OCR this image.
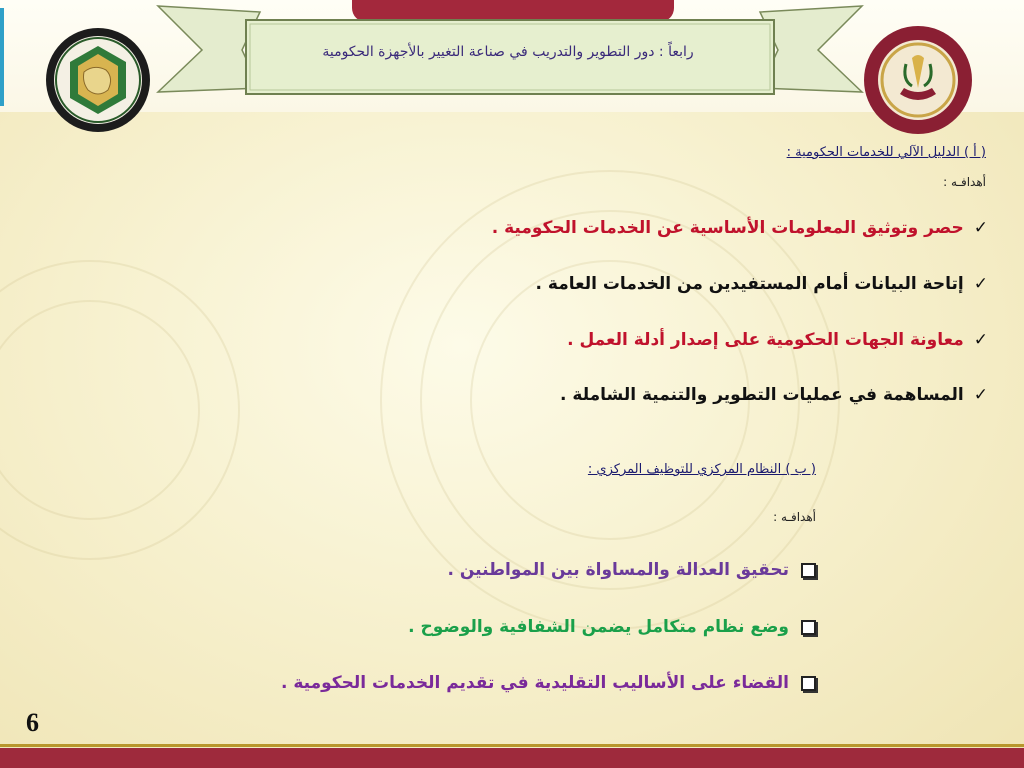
رابعاً : دور التطوير والتدريب في صناعة التغيير بالأجهزة الحكومية
( أ ) الدليل الآلي للخدمات الحكومية :
أهدافـه :
✓
حصر وتوثيق المعلومات الأساسية عن الخدمات الحكومية .
✓
إتاحة البيانات أمام المستفيدين من الخدمات العامة .
✓
معاونة الجهات الحكومية على إصدار أدلة العمل .
✓
المساهمة في عمليات التطوير والتنمية الشاملة .
( ب ) النظام المركزي للتوظيف المركزي :
أهدافـه :
تحقيق العدالة والمساواة بين المواطنين .
وضع نظام متكامل يضمن الشفافية والوضوح .
القضاء على الأساليب التقليدية في تقديم الخدمات الحكومية .
6
